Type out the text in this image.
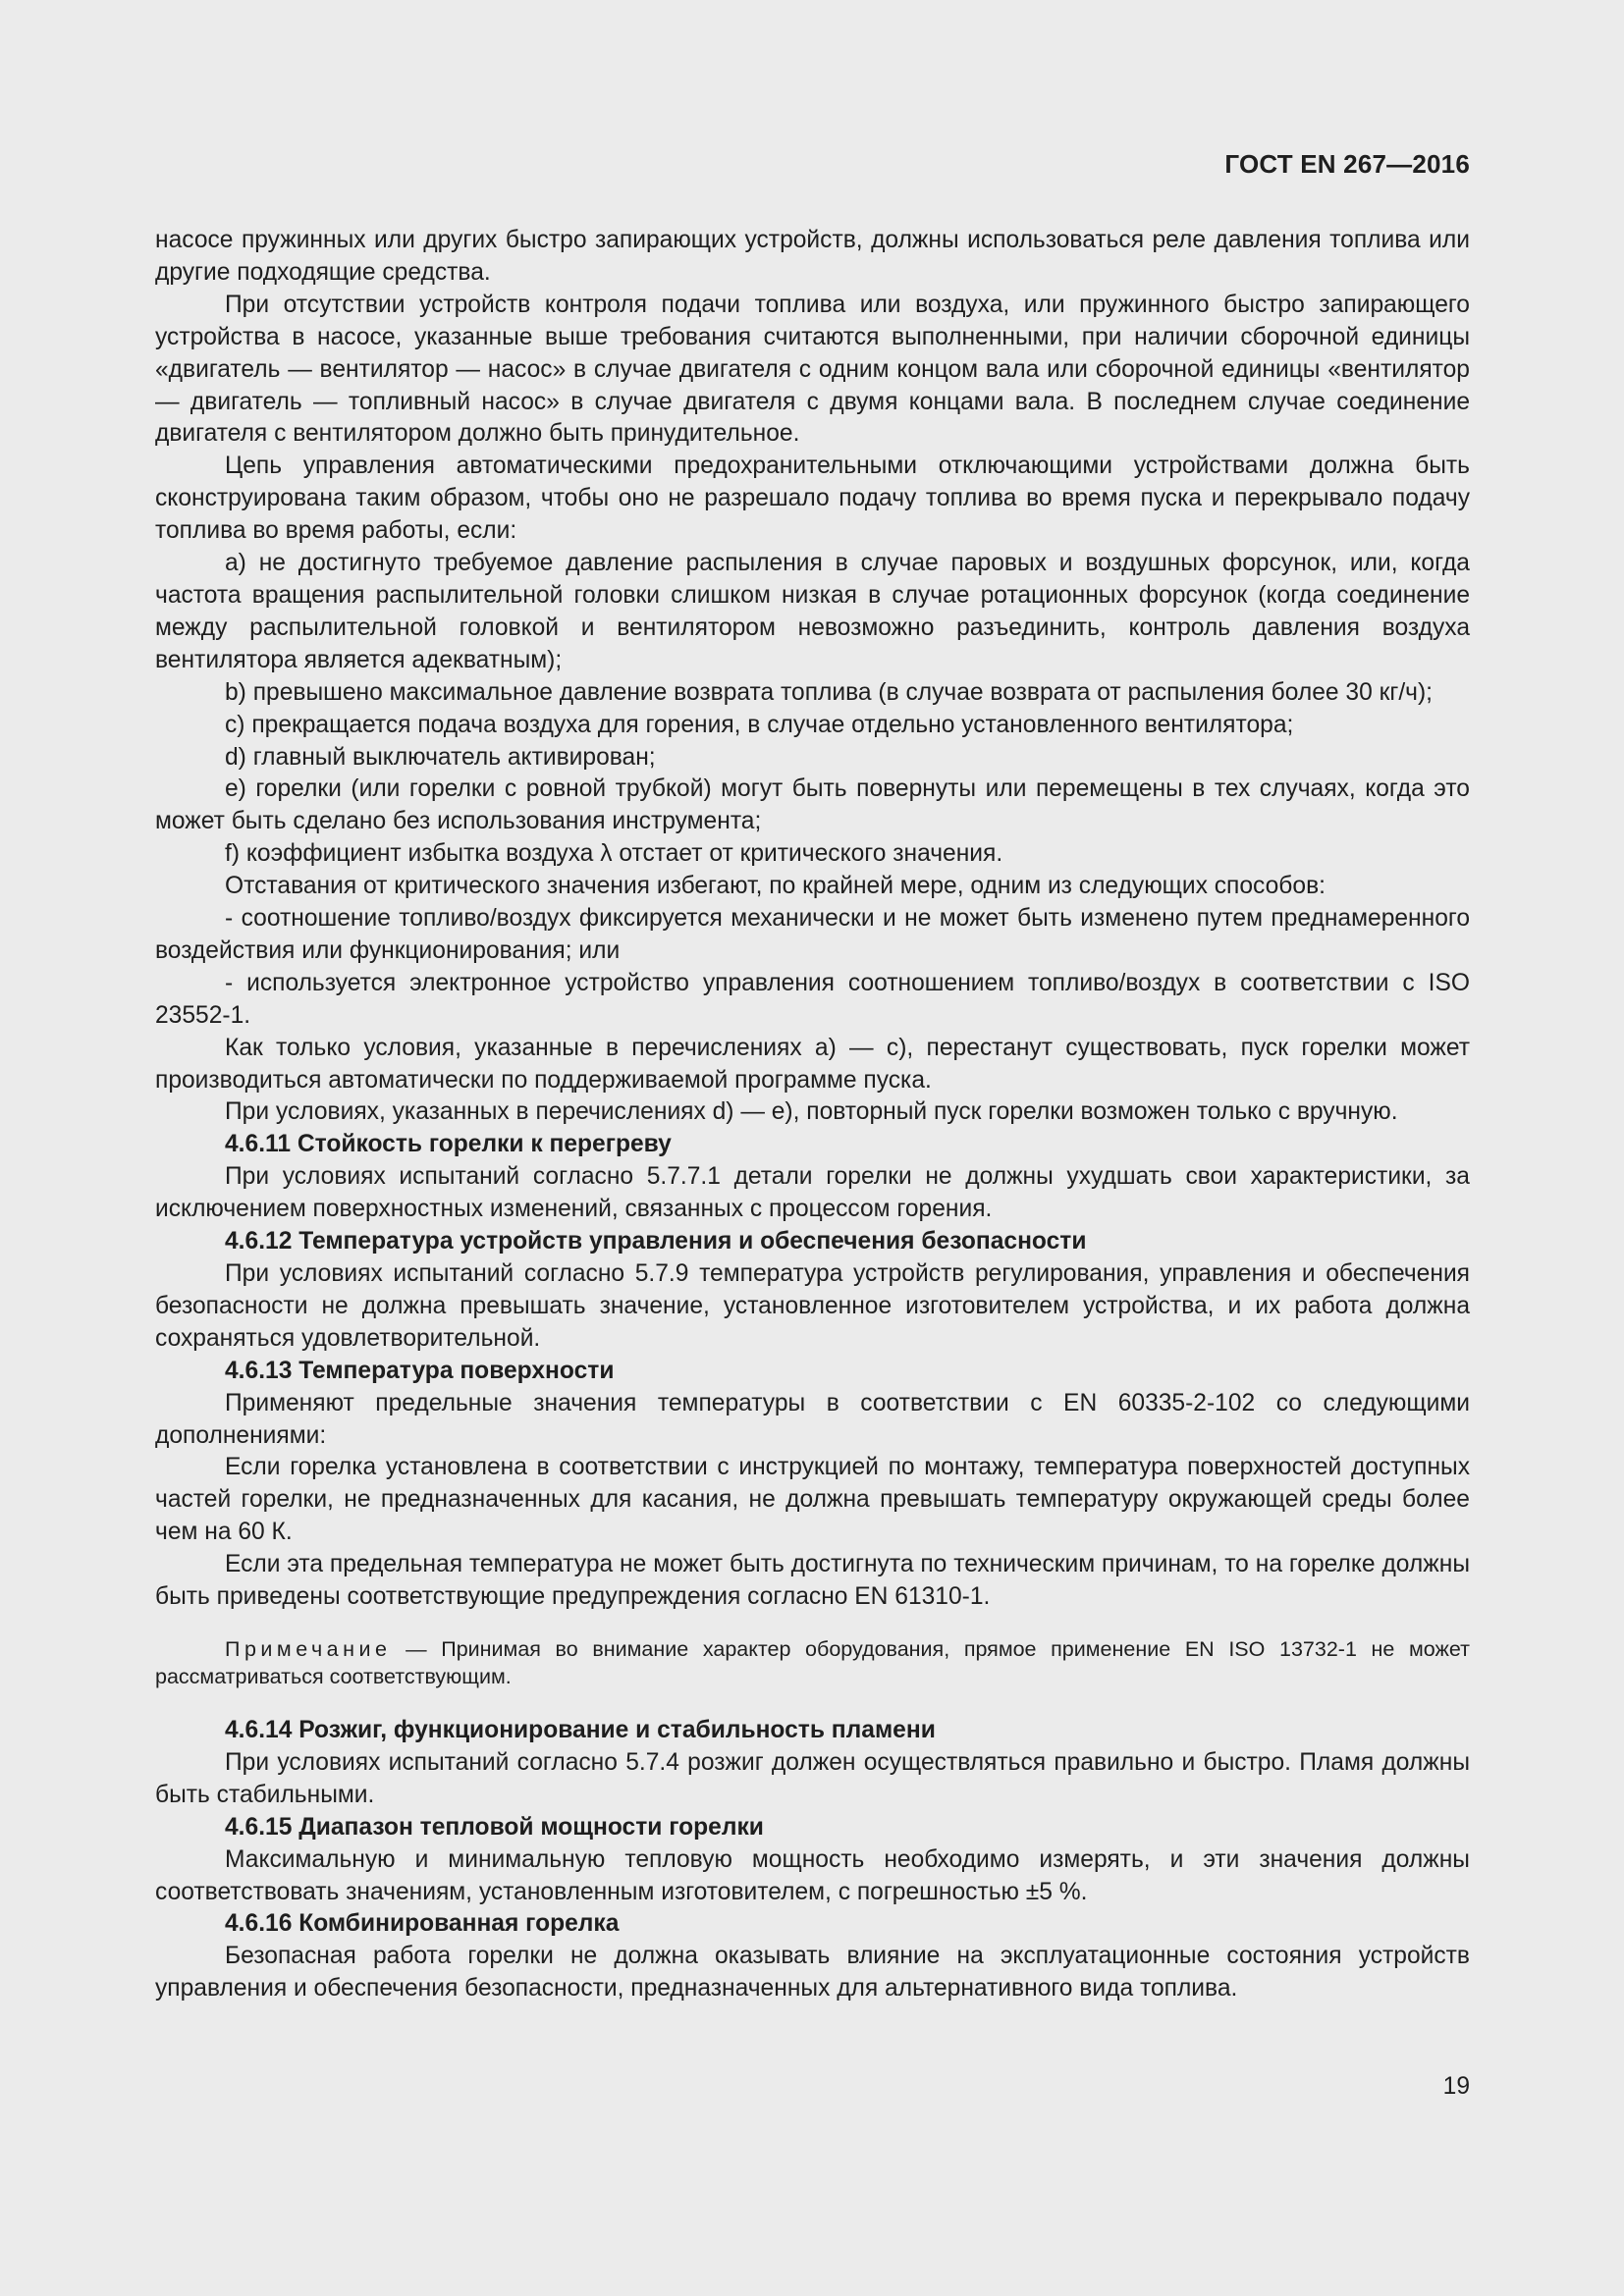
ГОСТ EN 267—2016

насосе пружинных или других быстро запирающих устройств, должны использоваться реле давления топлива или другие подходящие средства.

При отсутствии устройств контроля подачи топлива или воздуха, или пружинного быстро запирающего устройства в насосе, указанные выше требования считаются выполненными, при наличии сборочной единицы «двигатель — вентилятор — насос» в случае двигателя с одним концом вала или сборочной единицы «вентилятор — двигатель — топливный насос» в случае двигателя с двумя концами вала. В последнем случае соединение двигателя с вентилятором должно быть принудительное.

Цепь управления автоматическими предохранительными отключающими устройствами должна быть сконструирована таким образом, чтобы оно не разрешало подачу топлива во время пуска и перекрывало подачу топлива во время работы, если:

a) не достигнуто требуемое давление распыления в случае паровых и воздушных форсунок, или, когда частота вращения распылительной головки слишком низкая в случае ротационных форсунок (когда соединение между распылительной головкой и вентилятором невозможно разъединить, контроль давления воздуха вентилятора является адекватным);

b) превышено максимальное давление возврата топлива (в случае возврата от распыления более 30 кг/ч);

c) прекращается подача воздуха для горения, в случае отдельно установленного вентилятора;

d) главный выключатель активирован;

e) горелки (или горелки с ровной трубкой) могут быть повернуты или перемещены в тех случаях, когда это может быть сделано без использования инструмента;

f) коэффициент избытка воздуха λ отстает от критического значения.

Отставания от критического значения избегают, по крайней мере, одним из следующих способов:

- соотношение топливо/воздух фиксируется механически и не может быть изменено путем преднамеренного воздействия или функционирования; или

- используется электронное устройство управления соотношением топливо/воздух в соответствии с ISO 23552-1.

Как только условия, указанные в перечислениях а) — с), перестанут существовать, пуск горелки может производиться автоматически по поддерживаемой программе пуска.

При условиях, указанных в перечислениях d) — е), повторный пуск горелки возможен только с вручную.

4.6.11 Стойкость горелки к перегреву

При условиях испытаний согласно 5.7.7.1 детали горелки не должны ухудшать свои характеристики, за исключением поверхностных изменений, связанных с процессом горения.

4.6.12 Температура устройств управления и обеспечения безопасности

При условиях испытаний согласно 5.7.9 температура устройств регулирования, управления и обеспечения безопасности не должна превышать значение, установленное изготовителем устройства, и их работа должна сохраняться удовлетворительной.

4.6.13 Температура поверхности

Применяют предельные значения температуры в соответствии с EN 60335-2-102 со следующими дополнениями:

Если горелка установлена в соответствии с инструкцией по монтажу, температура поверхностей доступных частей горелки, не предназначенных для касания, не должна превышать температуру окружающей среды более чем на 60 К.

Если эта предельная температура не может быть достигнута по техническим причинам, то на горелке должны быть приведены соответствующие предупреждения согласно EN 61310-1.

Примечание — Принимая во внимание характер оборудования, прямое применение EN ISO 13732-1 не может рассматриваться соответствующим.

4.6.14 Розжиг, функционирование и стабильность пламени

При условиях испытаний согласно 5.7.4 розжиг должен осуществляться правильно и быстро. Пламя должны быть стабильными.

4.6.15 Диапазон тепловой мощности горелки

Максимальную и минимальную тепловую мощность необходимо измерять, и эти значения должны соответствовать значениям, установленным изготовителем, с погрешностью ±5 %.

4.6.16 Комбинированная горелка

Безопасная работа горелки не должна оказывать влияние на эксплуатационные состояния устройств управления и обеспечения безопасности, предназначенных для альтернативного вида топлива.

19
